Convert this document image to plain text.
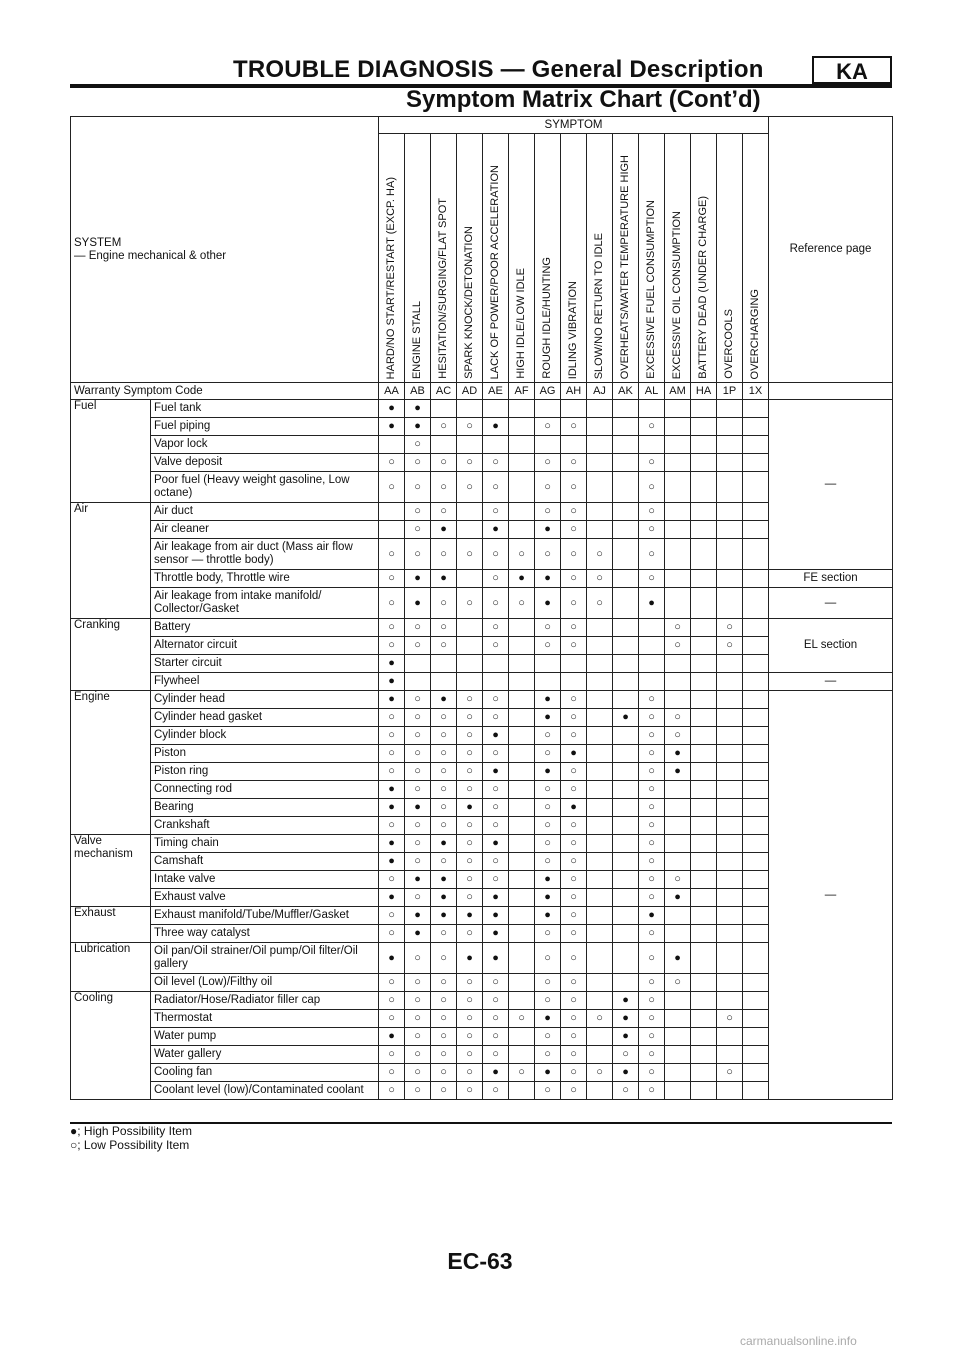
TROUBLE DIAGNOSIS — General Description	KA
Symptom Matrix Chart (Cont’d)
SYSTEM
— Engine mechanical & other		SYMPTOM															Reference page

		HARD/NO START/RESTART (EXCP. HA)	ENGINE STALL	HESITATION/SURGING/FLAT SPOT	SPARK KNOCK/DETONATION	LACK OF POWER/POOR ACCELERATION	HIGH IDLE/LOW IDLE	ROUGH IDLE/HUNTING	IDLING VIBRATION	SLOW/NO RETURN TO IDLE	OVERHEATS/WATER TEMPERATURE HIGH	EXCESSIVE FUEL CONSUMPTION	EXCESSIVE OIL CONSUMPTION	BATTERY DEAD (UNDER CHARGE)	OVERCOOLS	OVERCHARGING	

Warranty Symptom Code		AA	AB	AC	AD	AE	AF	AG	AH	AJ	AK	AL	AM	HA	1P	1X	
Fuel	Fuel tank	●	●														—
	Fuel piping	●	●	○	○	●		○	○			○					
	Vapor lock		○														
	Valve deposit	○	○	○	○	○		○	○			○					
	Poor fuel (Heavy weight gasoline, Low octane)	○	○	○	○	○		○	○			○					
Air	Air duct		○	○		○		○	○			○					
	Air cleaner		○	●		●		●	○			○					
	Air leakage from air duct (Mass air flow sensor — throttle body)	○	○	○	○	○	○	○	○	○		○					
	Throttle body, Throttle wire	○	●	●		○	●	●	○	○		○					FE section
	Air leakage from intake manifold/ Collector/Gasket	○	●	○	○	○	○	●	○	○		●					—
Cranking	Battery	○	○	○		○		○	○				○		○		EL section
	Alternator circuit	○	○	○		○		○	○				○		○		
	Starter circuit	●															
	Flywheel	●															—
Engine	Cylinder head	●	○	●	○	○		●	○			○					—
	Cylinder head gasket	○	○	○	○	○		●	○		●	○	○				
	Cylinder block	○	○	○	○	●		○	○			○	○				
	Piston	○	○	○	○	○		○	●			○	●				
	Piston ring	○	○	○	○	●		●	○			○	●				
	Connecting rod	●	○	○	○	○		○	○			○					
	Bearing	●	●	○	●	○		○	●			○					
	Crankshaft	○	○	○	○	○		○	○			○					
Valve mechanism	Timing chain	●	○	●	○	●		○	○			○					
	Camshaft	●	○	○	○	○		○	○			○					
	Intake valve	○	●	●	○	○		●	○			○	○				
	Exhaust valve	●	○	●	○	●		●	○			○	●				
Exhaust	Exhaust manifold/Tube/Muffler/Gasket	○	●	●	●	●		●	○			●					
	Three way catalyst	○	●	○	○	●		○	○			○					
Lubrication	Oil pan/Oil strainer/Oil pump/Oil filter/Oil gallery	●	○	○	●	●		○	○			○	●				
	Oil level (Low)/Filthy oil	○	○	○	○	○		○	○			○	○				
Cooling	Radiator/Hose/Radiator filler cap	○	○	○	○	○		○	○		●	○					
	Thermostat	○	○	○	○	○	○	●	○	○	●	○			○		
	Water pump	●	○	○	○	○		○	○		●	○					
	Water gallery	○	○	○	○	○		○	○		○	○					
	Cooling fan	○	○	○	○	●	○	●	○	○	●	○			○		
	Coolant level (low)/Contaminated coolant	○	○	○	○	○		○	○		○	○					
●; High Possibility Item
○; Low Possibility Item
EC-63
carmanualsonline.info
